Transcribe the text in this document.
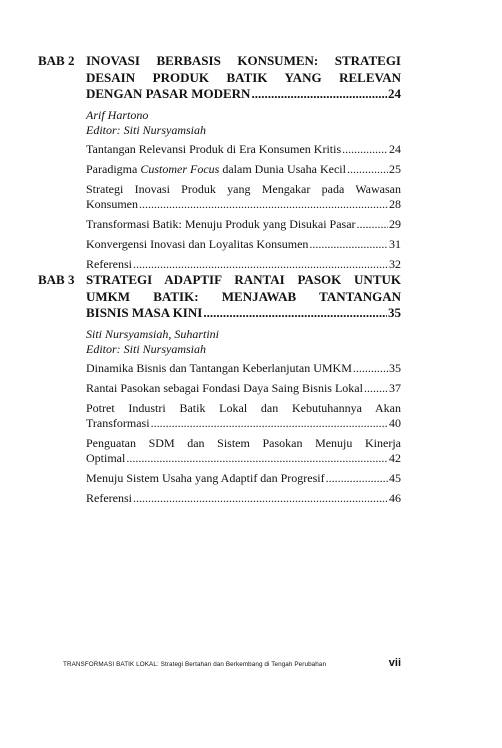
BAB 2 INOVASI BERBASIS KONSUMEN: STRATEGI
DESAIN PRODUK BATIK YANG RELEVAN
DENGAN PASAR MODERN .....	24
Arif Hartono
Editor: Siti Nursyamsiah
Tantangan Relevansi Produk di Era Konsumen Kritis .....	24
Paradigma Customer Focus dalam Dunia Usaha Kecil .....	25
Strategi Inovasi Produk yang Mengakar pada Wawasan
Konsumen .....	28
Transformasi Batik: Menuju Produk yang Disukai Pasar .....	29
Konvergensi Inovasi dan Loyalitas Konsumen .....	31
Referensi .....	32
BAB 3 STRATEGI ADAPTIF RANTAI PASOK UNTUK
UMKM BATIK: MENJAWAB TANTANGAN
BISNIS MASA KINI .....	35
Siti Nursyamsiah, Suhartini
Editor: Siti Nursyamsiah
Dinamika Bisnis dan Tantangan Keberlanjutan UMKM .....	35
Rantai Pasokan sebagai Fondasi Daya Saing Bisnis Lokal ..... 37
Potret Industri Batik Lokal dan Kebutuhannya Akan
Transformasi .....	40
Penguatan SDM dan Sistem Pasokan Menuju Kinerja
Optimal .....	42
Menuju Sistem Usaha yang Adaptif dan Progresif .....	45
Referensi .....	46
TRANSFORMASI BATIK LOKAL: Strategi Bertahan dan Berkembang di Tengah Perubahan	vii
